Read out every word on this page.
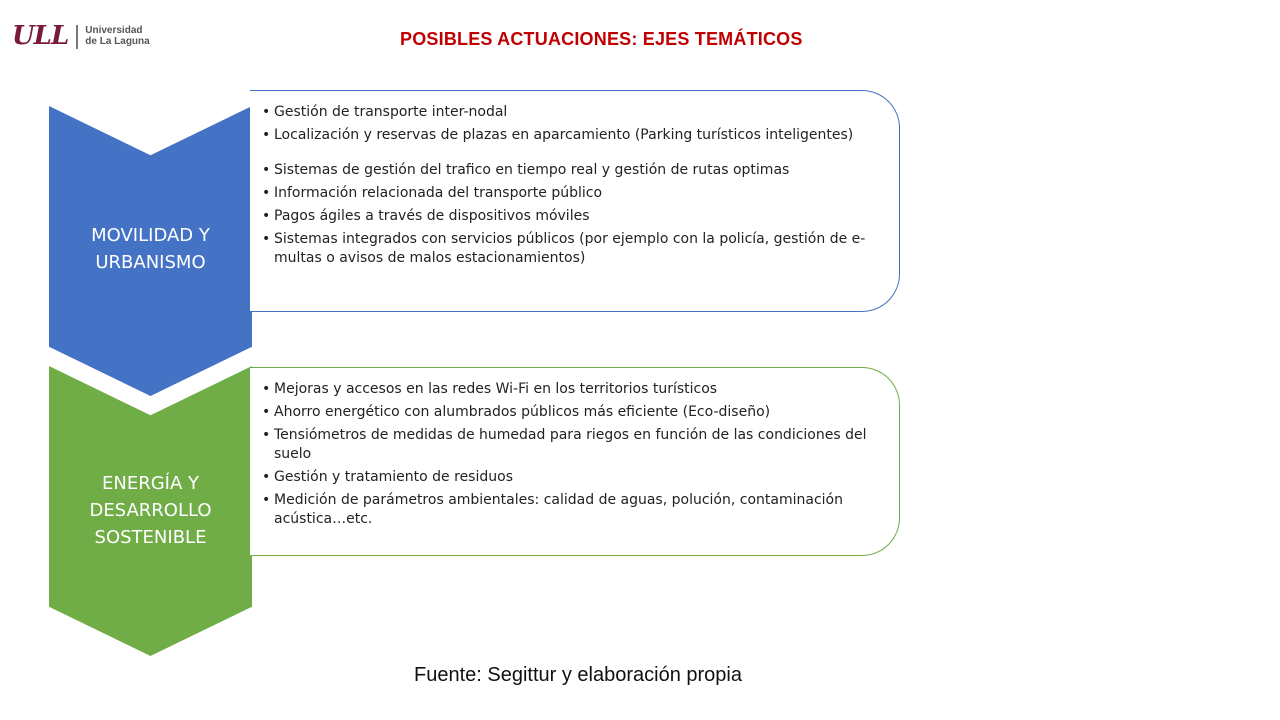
ULL Universidad
de La Laguna	POSIBLES ACTUACIONES: EJES TEMÁTICOS
MOVILIDAD Y URBANISMO
• Gestión de transporte inter-nodal
• Localización y reservas de plazas en aparcamiento (Parking turísticos inteligentes)
• Sistemas de gestión del trafico en tiempo real y gestión de rutas optimas
• Información relacionada del transporte público
• Pagos ágiles a través de dispositivos móviles
• Sistemas integrados con servicios públicos (por ejemplo con la policía, gestión de e-multas o avisos de malos estacionamientos)
ENERGÍA Y DESARROLLO SOSTENIBLE
• Mejoras y accesos en las redes Wi-Fi en los territorios turísticos
• Ahorro energético con alumbrados públicos más eficiente (Eco-diseño)
• Tensiómetros de medidas de humedad para riegos en función de las condiciones del suelo
• Gestión y tratamiento de residuos
• Medición de parámetros ambientales: calidad de aguas, polución, contaminación acústica…etc.
Fuente: Segittur y elaboración propia
